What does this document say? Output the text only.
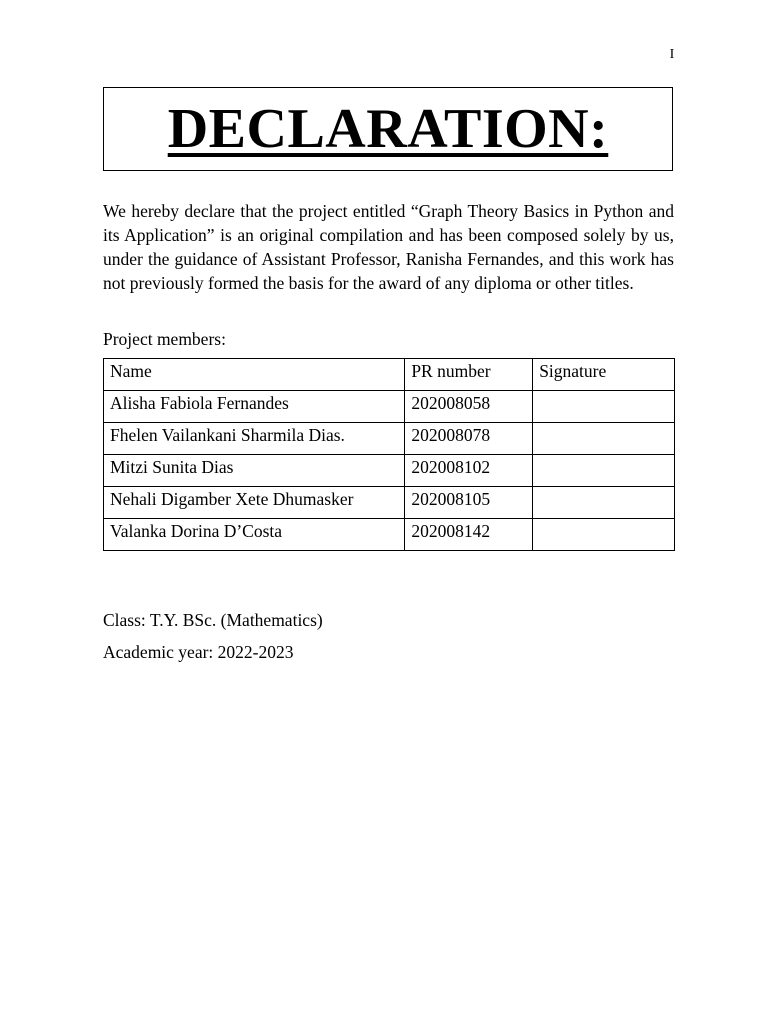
I
DECLARATION:

We hereby declare that the project entitled “Graph Theory Basics in Python and its Application” is an original compilation and has been composed solely by us, under the guidance of Assistant Professor, Ranisha Fernandes, and this work has not previously formed the basis for the award of any diploma or other titles.

Project members:
Name	PR number	Signature
Alisha Fabiola Fernandes	202008058	
Fhelen Vailankani Sharmila Dias.	202008078	
Mitzi Sunita Dias	202008102	
Nehali Digamber Xete Dhumasker	202008105	
Valanka Dorina D’Costa	202008142	
Class: T.Y. BSc. (Mathematics)
Academic year: 2022-2023
